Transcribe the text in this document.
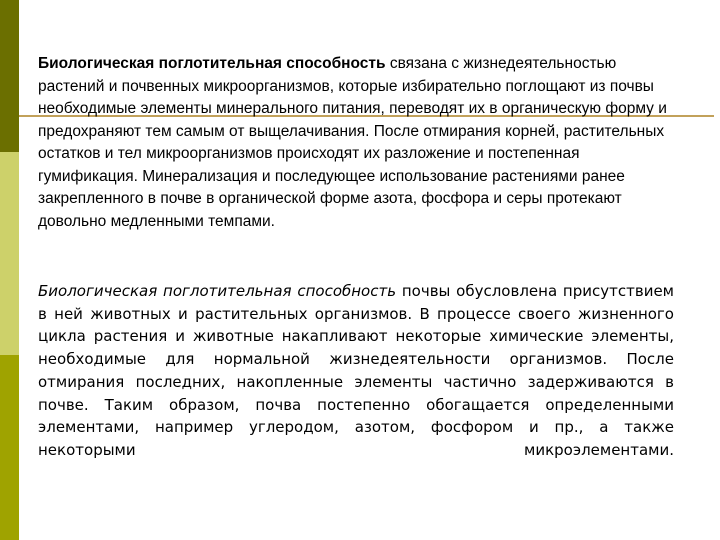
Биологическая поглотительная способность связана с жизнедеятельностью растений и почвенных микроорганизмов, которые избирательно поглощают из почвы необходимые элементы минерального питания, переводят их в органическую форму и предохраняют тем самым от выщелачивания. После отмирания корней, растительных остатков и тел микроорганизмов происходят их разложение и постепенная гумификация. Минерализация и последующее использование растениями ранее закрепленного в почве в органической форме азота, фосфора и серы протекают довольно медленными темпами.

Биологическая поглотительная способность почвы обусловлена присутствием в ней животных и растительных организмов. В процессе своего жизненного цикла растения и животные накапливают некоторые химические элементы, необходимые для нормальной жизнедеятельности организмов. После отмирания последних, накопленные элементы частично задерживаются в почве. Таким образом, почва постепенно обогащается определенными элементами, например углеродом, азотом, фосфором и пр., а также некоторыми микроэлементами.
